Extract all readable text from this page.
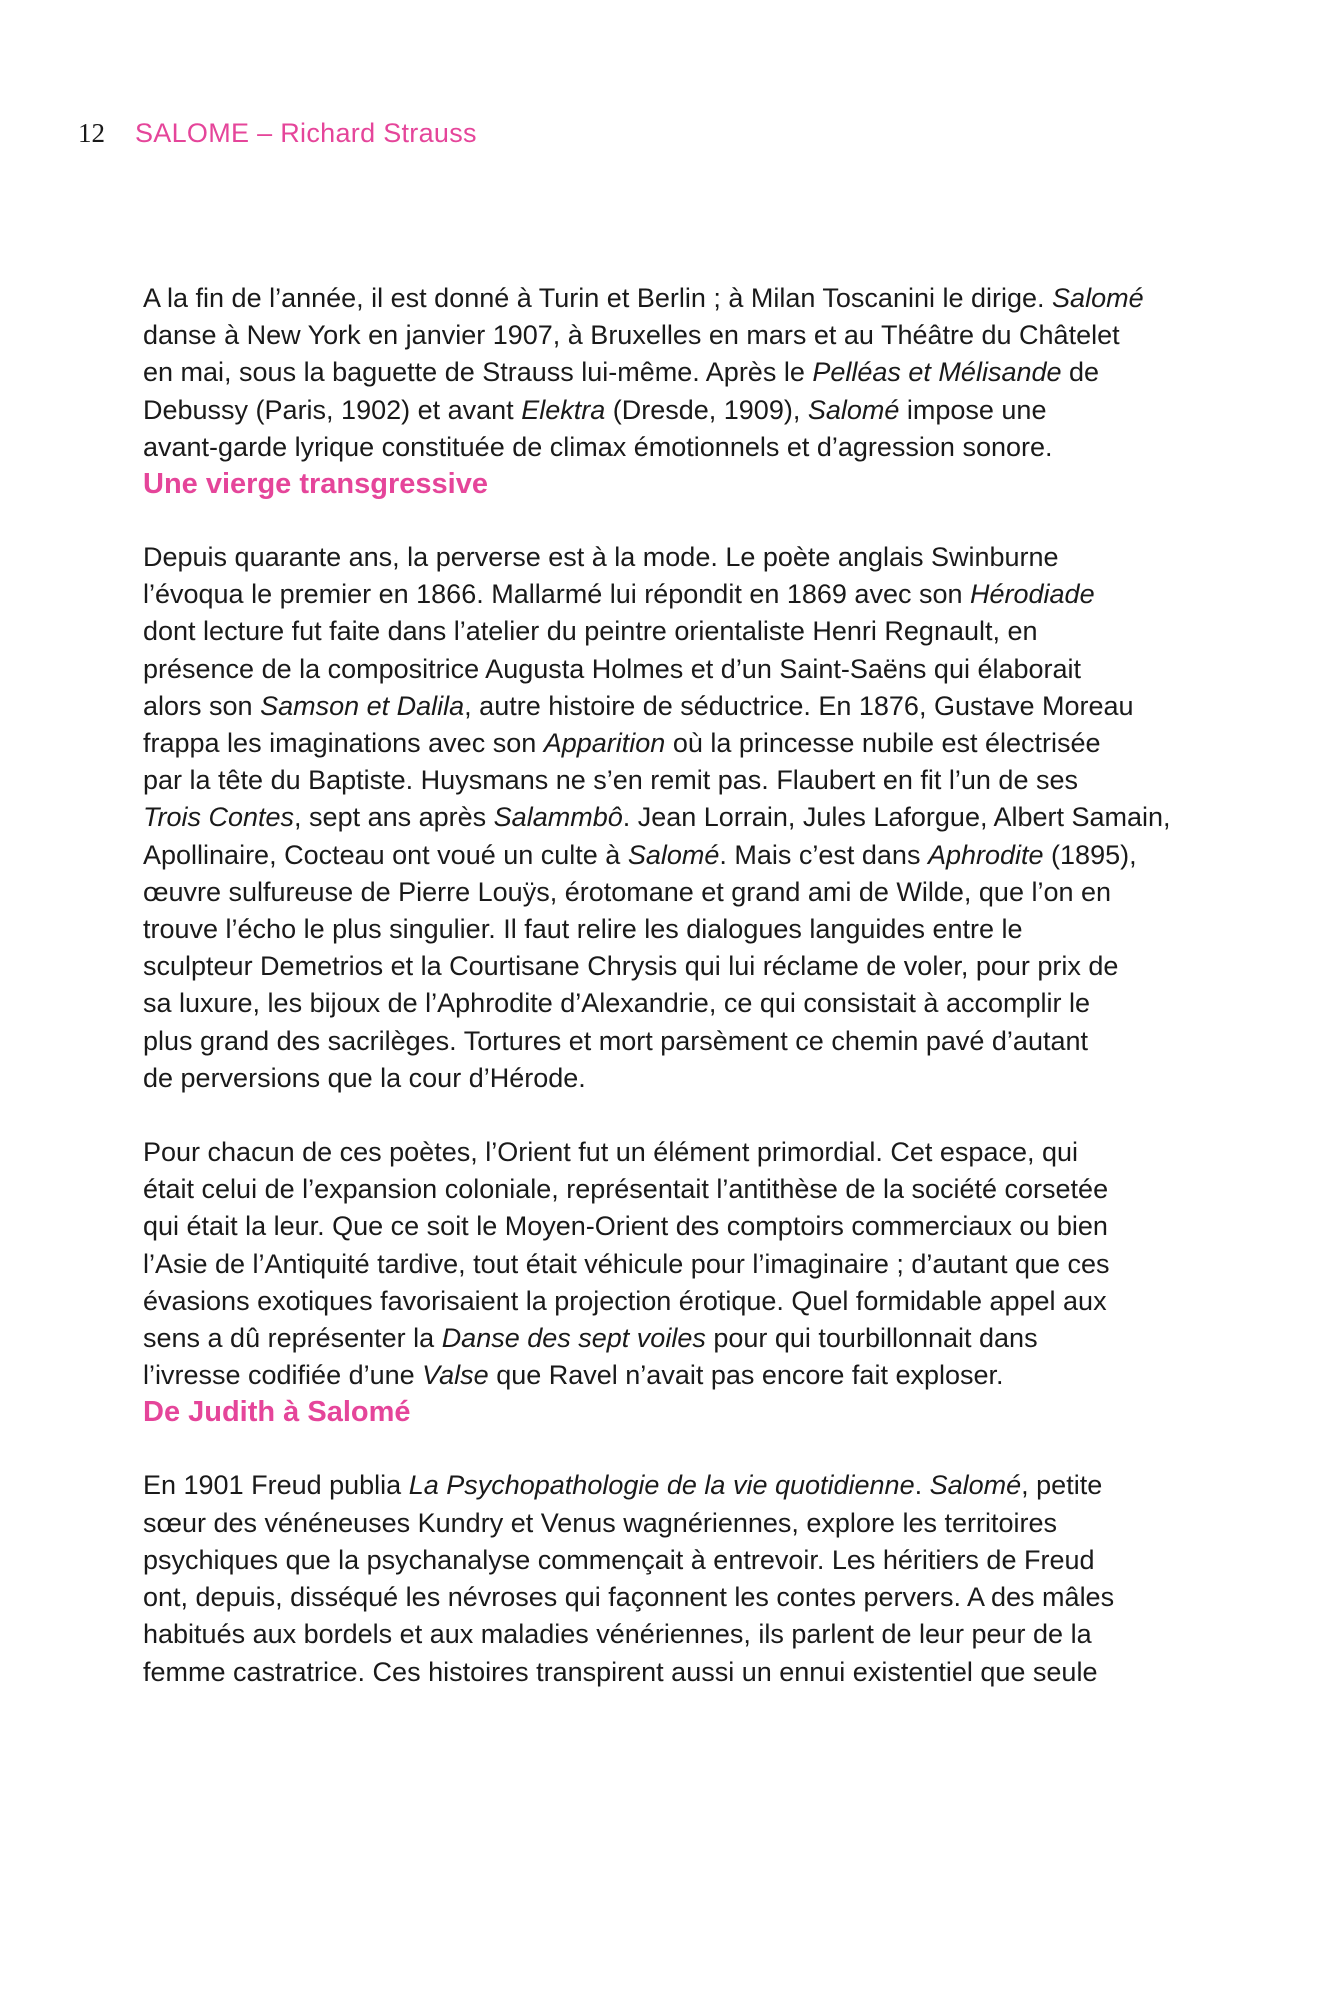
12 SALOME – Richard Strauss

A la fin de l’année, il est donné à Turin et Berlin ; à Milan Toscanini le dirige. Salomé
danse à New York en janvier 1907, à Bruxelles en mars et au Théâtre du Châtelet
en mai, sous la baguette de Strauss lui-même. Après le Pelléas et Mélisande de
Debussy (Paris, 1902) et avant Elektra (Dresde, 1909), Salomé impose une
avant-garde lyrique constituée de climax émotionnels et d’agression sonore.

Une vierge transgressive

Depuis quarante ans, la perverse est à la mode. Le poète anglais Swinburne
l’évoqua le premier en 1866. Mallarmé lui répondit en 1869 avec son Hérodiade
dont lecture fut faite dans l’atelier du peintre orientaliste Henri Regnault, en
présence de la compositrice Augusta Holmes et d’un Saint-Saëns qui élaborait
alors son Samson et Dalila, autre histoire de séductrice. En 1876, Gustave Moreau
frappa les imaginations avec son Apparition où la princesse nubile est électrisée
par la tête du Baptiste. Huysmans ne s’en remit pas. Flaubert en fit l’un de ses
Trois Contes, sept ans après Salammbô. Jean Lorrain, Jules Laforgue, Albert Samain,
Apollinaire, Cocteau ont voué un culte à Salomé. Mais c’est dans Aphrodite (1895),
œuvre sulfureuse de Pierre Louÿs, érotomane et grand ami de Wilde, que l’on en
trouve l’écho le plus singulier. Il faut relire les dialogues languides entre le
sculpteur Demetrios et la Courtisane Chrysis qui lui réclame de voler, pour prix de
sa luxure, les bijoux de l’Aphrodite d’Alexandrie, ce qui consistait à accomplir le
plus grand des sacrilèges. Tortures et mort parsèment ce chemin pavé d’autant
de perversions que la cour d’Hérode.

Pour chacun de ces poètes, l’Orient fut un élément primordial. Cet espace, qui
était celui de l’expansion coloniale, représentait l’antithèse de la société corsetée
qui était la leur. Que ce soit le Moyen-Orient des comptoirs commerciaux ou bien
l’Asie de l’Antiquité tardive, tout était véhicule pour l’imaginaire ; d’autant que ces
évasions exotiques favorisaient la projection érotique. Quel formidable appel aux
sens a dû représenter la Danse des sept voiles pour qui tourbillonnait dans
l’ivresse codifiée d’une Valse que Ravel n’avait pas encore fait exploser.

De Judith à Salomé

En 1901 Freud publia La Psychopathologie de la vie quotidienne. Salomé, petite
sœur des vénéneuses Kundry et Venus wagnériennes, explore les territoires
psychiques que la psychanalyse commençait à entrevoir. Les héritiers de Freud
ont, depuis, disséqué les névroses qui façonnent les contes pervers. A des mâles
habitués aux bordels et aux maladies vénériennes, ils parlent de leur peur de la
femme castratrice. Ces histoires transpirent aussi un ennui existentiel que seule
